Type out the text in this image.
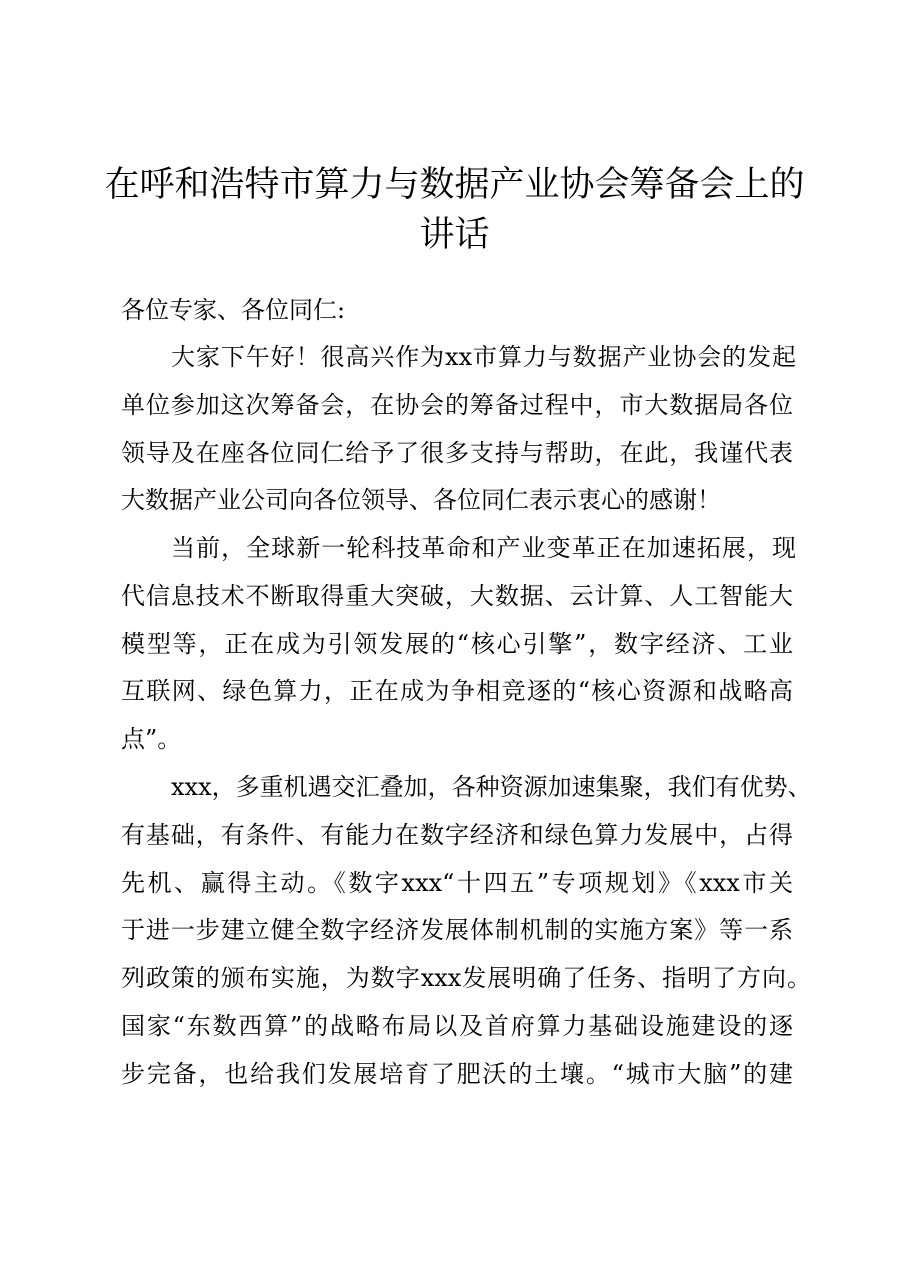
在呼和浩特市算力与数据产业协会筹备会上的
讲话
各位专家、各位同仁:
大家下午好！很高兴作为xx市算力与数据产业协会的发起
单位参加这次筹备会，在协会的筹备过程中，市大数据局各位
领导及在座各位同仁给予了很多支持与帮助，在此，我谨代表
大数据产业公司向各位领导、各位同仁表示衷心的感谢！
当前，全球新一轮科技革命和产业变革正在加速拓展，现
代信息技术不断取得重大突破，大数据、云计算、人工智能大
模型等，正在成为引领发展的“核心引擎”，数字经济、工业
互联网、绿色算力，正在成为争相竞逐的“核心资源和战略高
点”。
xxx，多重机遇交汇叠加，各种资源加速集聚，我们有优势、
有基础，有条件、有能力在数字经济和绿色算力发展中，占得
先机、赢得主动。《数字xxx“十四五”专项规划》《xxx市关
于进一步建立健全数字经济发展体制机制的实施方案》等一系
列政策的颁布实施，为数字xxx发展明确了任务、指明了方向。
国家“东数西算”的战略布局以及首府算力基础设施建设的逐
步完备，也给我们发展培育了肥沃的土壤。“城市大脑”的建
